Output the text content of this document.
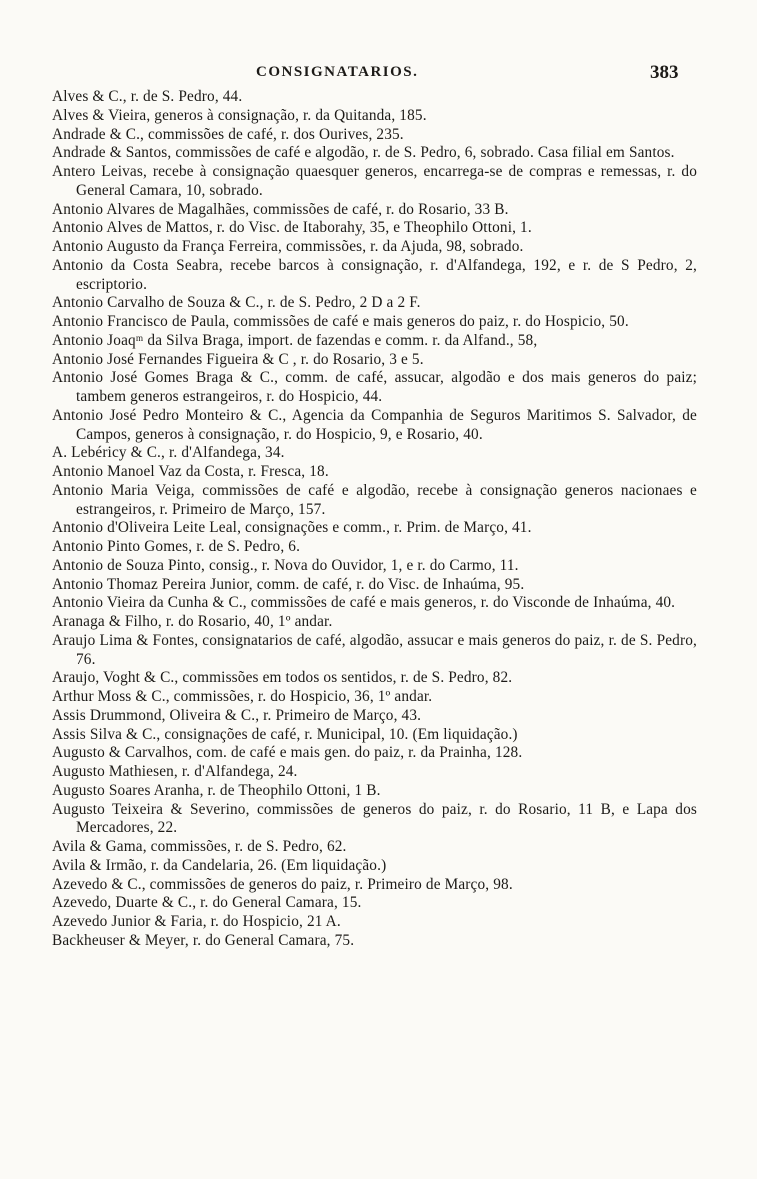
CONSIGNATARIOS.	383
Alves & C., r. de S. Pedro, 44.
Alves & Vieira, generos à consignação, r. da Quitanda, 185.
Andrade & C., commissões de café, r. dos Ourives, 235.
Andrade & Santos, commissões de café e algodão, r. de S. Pedro, 6, sobrado. Casa filial em Santos.
Antero Leivas, recebe à consignação quaesquer generos, encarrega-se de compras e remessas, r. do General Camara, 10, sobrado.
Antonio Alvares de Magalhães, commissões de café, r. do Rosario, 33 B.
Antonio Alves de Mattos, r. do Visc. de Itaborahy, 35, e Theophilo Ottoni, 1.
Antonio Augusto da França Ferreira, commissões, r. da Ajuda, 98, sobrado.
Antonio da Costa Seabra, recebe barcos à consignação, r. d'Alfandega, 192, e r. de S Pedro, 2, escriptorio.
Antonio Carvalho de Souza & C., r. de S. Pedro, 2 D a 2 F.
Antonio Francisco de Paula, commissões de café e mais generos do paiz, r. do Hospicio, 50.
Antonio Joaqᵐ da Silva Braga, import. de fazendas e comm. r. da Alfand., 58,
Antonio José Fernandes Figueira & C , r. do Rosario, 3 e 5.
Antonio José Gomes Braga & C., comm. de café, assucar, algodão e dos mais generos do paiz; tambem generos estrangeiros, r. do Hospicio, 44.
Antonio José Pedro Monteiro & C., Agencia da Companhia de Seguros Maritimos S. Salvador, de Campos, generos à consignação, r. do Hospicio, 9, e Rosario, 40.
A. Lebéricy & C., r. d'Alfandega, 34.
Antonio Manoel Vaz da Costa, r. Fresca, 18.
Antonio Maria Veiga, commissões de café e algodão, recebe à consignação generos nacionaes e estrangeiros, r. Primeiro de Março, 157.
Antonio d'Oliveira Leite Leal, consignações e comm., r. Prim. de Março, 41.
Antonio Pinto Gomes, r. de S. Pedro, 6.
Antonio de Souza Pinto, consig., r. Nova do Ouvidor, 1, e r. do Carmo, 11.
Antonio Thomaz Pereira Junior, comm. de café, r. do Visc. de Inhaúma, 95.
Antonio Vieira da Cunha & C., commissões de café e mais generos, r. do Visconde de Inhaúma, 40.
Aranaga & Filho, r. do Rosario, 40, 1º andar.
Araujo Lima & Fontes, consignatarios de café, algodão, assucar e mais generos do paiz, r. de S. Pedro, 76.
Araujo, Voght & C., commissões em todos os sentidos, r. de S. Pedro, 82.
Arthur Moss & C., commissões, r. do Hospicio, 36, 1º andar.
Assis Drummond, Oliveira & C., r. Primeiro de Março, 43.
Assis Silva & C., consignações de café, r. Municipal, 10. (Em liquidação.)
Augusto & Carvalhos, com. de café e mais gen. do paiz, r. da Prainha, 128.
Augusto Mathiesen, r. d'Alfandega, 24.
Augusto Soares Aranha, r. de Theophilo Ottoni, 1 B.
Augusto Teixeira & Severino, commissões de generos do paiz, r. do Rosario, 11 B, e Lapa dos Mercadores, 22.
Avila & Gama, commissões, r. de S. Pedro, 62.
Avila & Irmão, r. da Candelaria, 26. (Em liquidação.)
Azevedo & C., commissões de generos do paiz, r. Primeiro de Março, 98.
Azevedo, Duarte & C., r. do General Camara, 15.
Azevedo Junior & Faria, r. do Hospicio, 21 A.
Backheuser & Meyer, r. do General Camara, 75.
